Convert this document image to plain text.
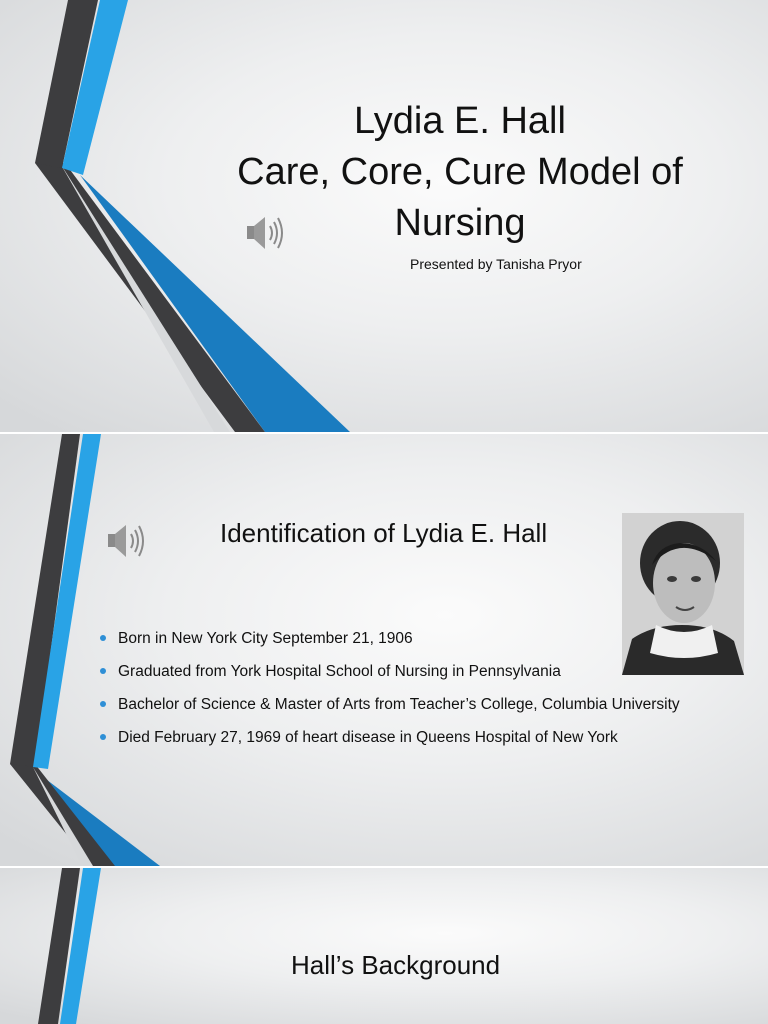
Lydia E. Hall
Care, Core, Cure Model of
Nursing
Presented by Tanisha Pryor
Identification of Lydia E. Hall
Born in New York City September 21, 1906
Graduated from York Hospital School of Nursing in Pennsylvania
Bachelor of Science & Master of Arts from Teacher’s College, Columbia University
Died February 27, 1969 of heart disease in Queens Hospital of New York
Hall’s Background
